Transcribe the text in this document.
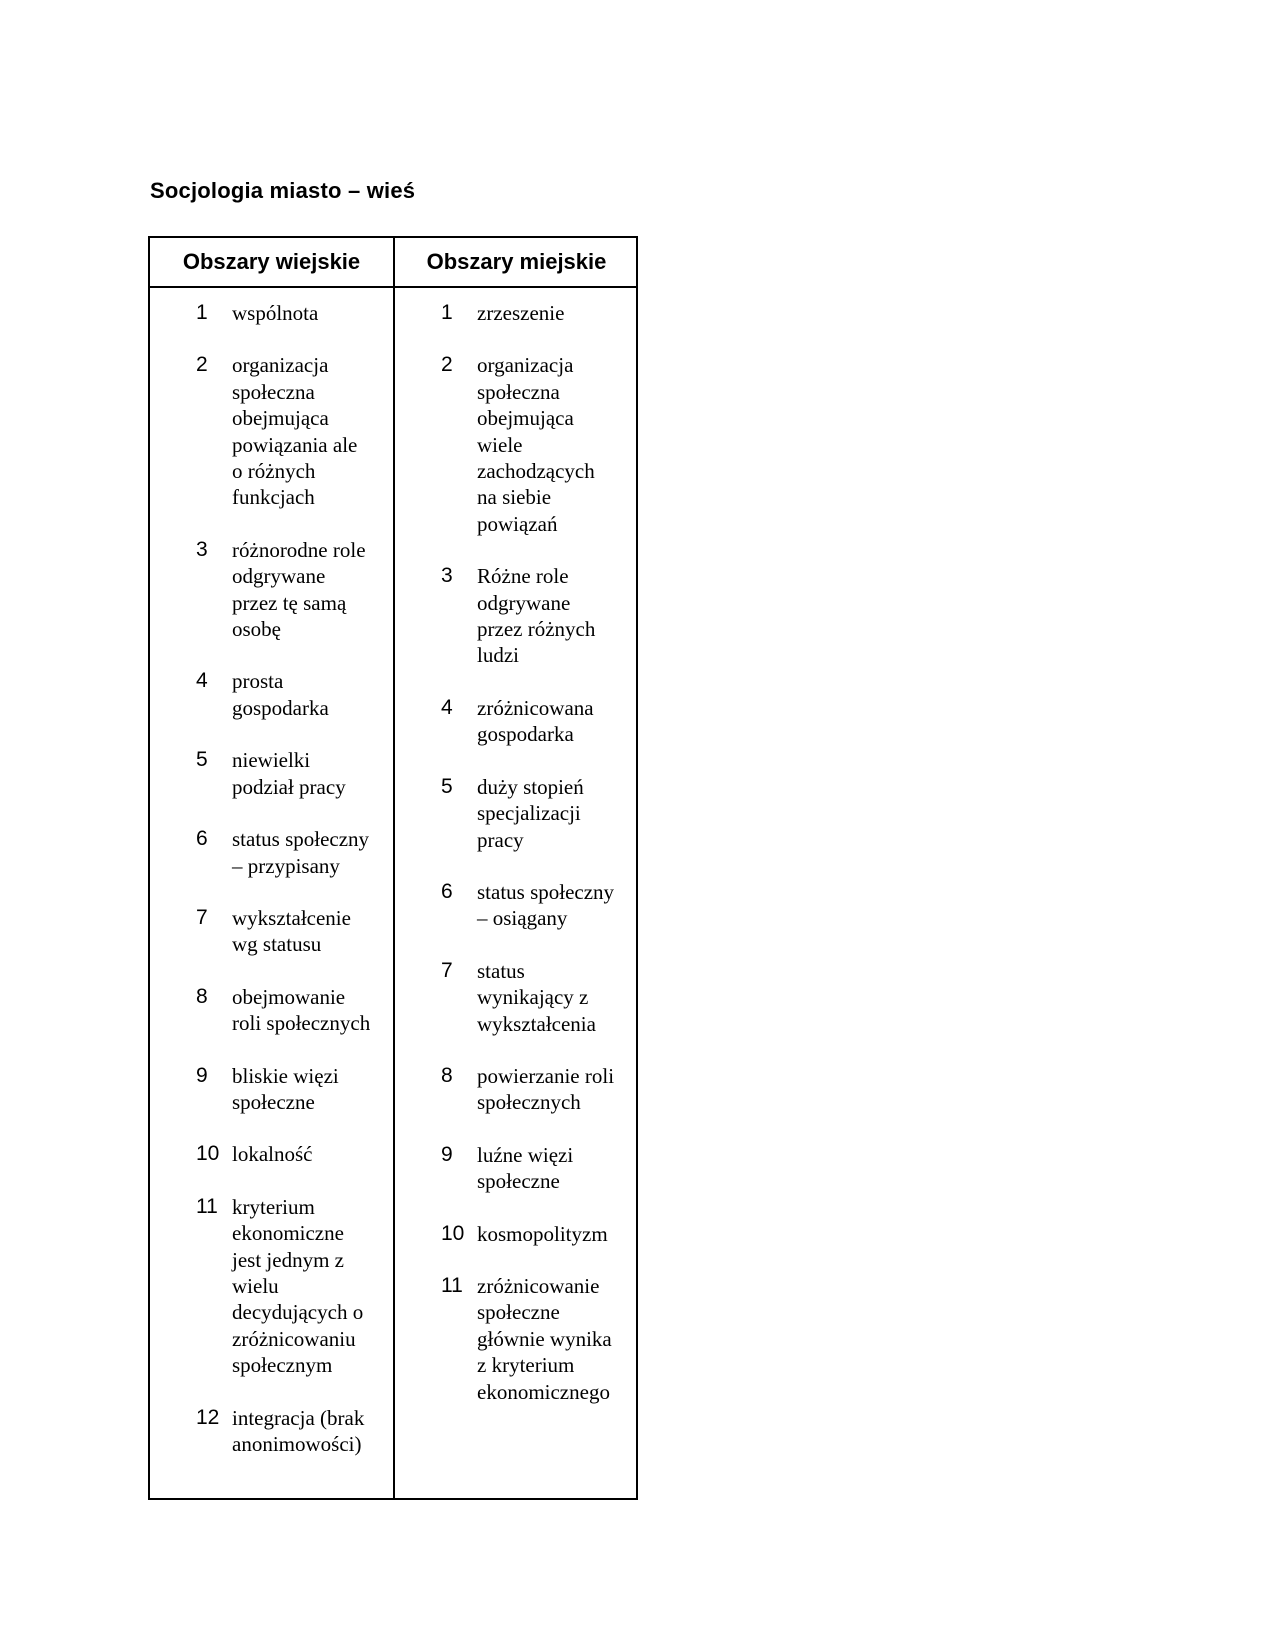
Socjologia miasto – wieś
Obszary wiejskie	Obszary miejskie
1 wspólnota
2 organizacja
społeczna
obejmująca
powiązania ale
o różnych
funkcjach
3 różnorodne role
odgrywane
przez tę samą
osobę
4 prosta
gospodarka
5 niewielki
podział pracy
6 status społeczny
– przypisany
7 wykształcenie
wg statusu
8 obejmowanie
roli społecznych
9 bliskie więzi
społeczne
10 lokalność
11 kryterium
ekonomiczne
jest jednym z
wielu
decydujących o
zróżnicowaniu
społecznym
12 integracja (brak
anonimowości)
1 zrzeszenie
2 organizacja
społeczna
obejmująca
wiele
zachodzących
na siebie
powiązań
3 Różne role
odgrywane
przez różnych
ludzi
4 zróżnicowana
gospodarka
5 duży stopień
specjalizacji
pracy
6 status społeczny
– osiągany
7 status
wynikający z
wykształcenia
8 powierzanie roli
społecznych
9 luźne więzi
społeczne
10 kosmopolityzm
11 zróżnicowanie
społeczne
głównie wynika
z kryterium
ekonomicznego
